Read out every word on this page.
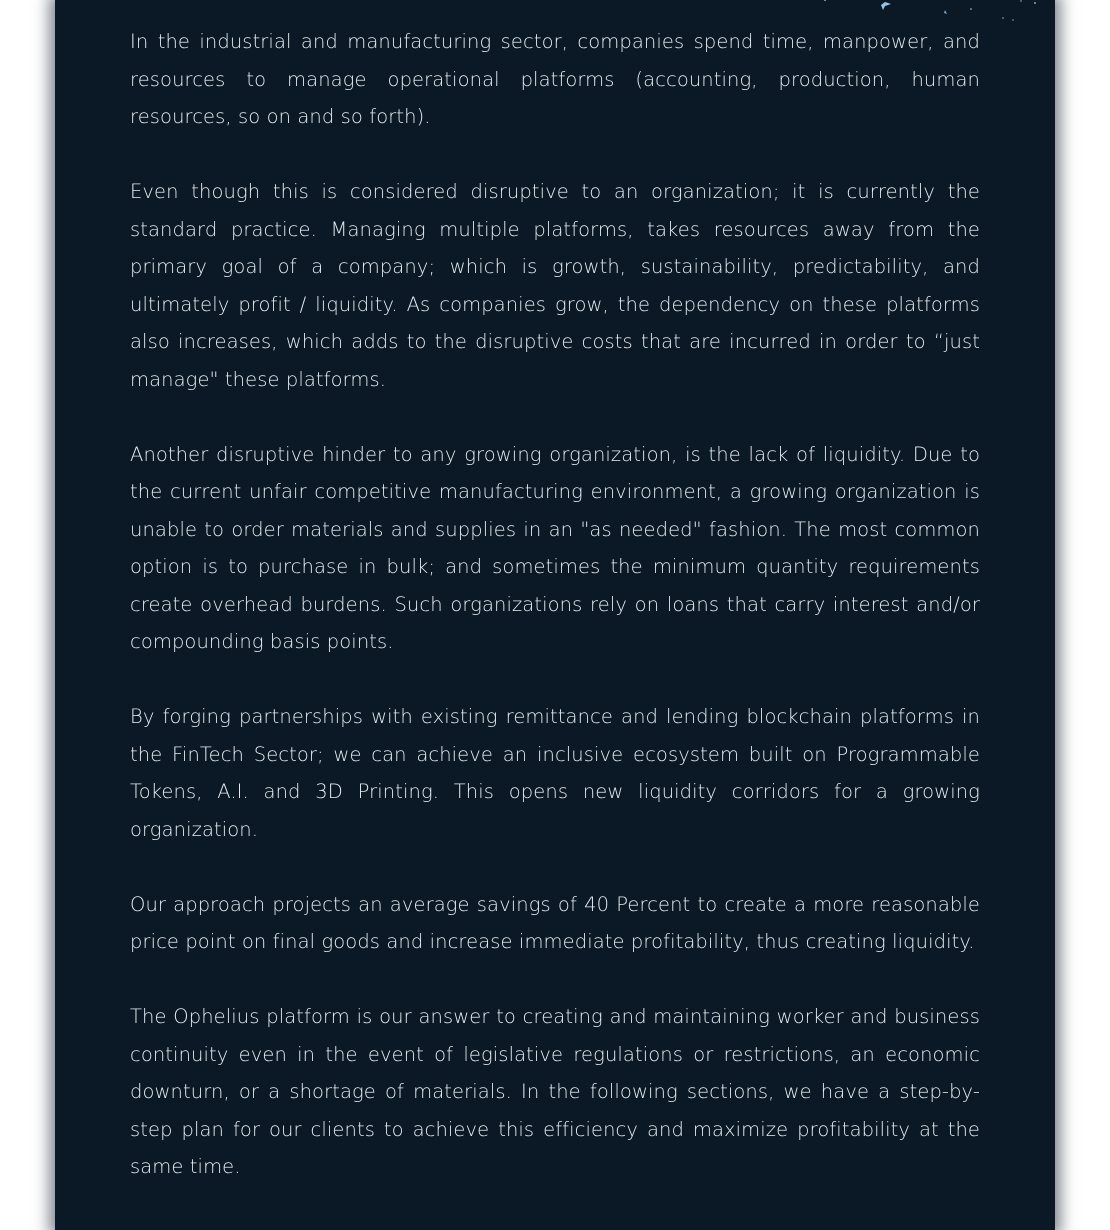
In the industrial and manufacturing sector, companies spend time, manpower, and resources to manage operational platforms (accounting, production, human resources, so on and so forth).

Even though this is considered disruptive to an organization; it is currently the standard practice. Managing multiple platforms, takes resources away from the primary goal of a company; which is growth, sustainability, predictability, and ultimately profit / liquidity. As companies grow, the dependency on these platforms also increases, which adds to the disruptive costs that are incurred in order to “just manage" these platforms.

Another disruptive hinder to any growing organization, is the lack of liquidity. Due to the current unfair competitive manufacturing environment, a growing organization is unable to order materials and supplies in an "as needed" fashion. The most common option is to purchase in bulk; and sometimes the minimum quantity requirements create overhead burdens. Such organizations rely on loans that carry interest and/or compounding basis points.

By forging partnerships with existing remittance and lending blockchain platforms in the FinTech Sector; we can achieve an inclusive ecosystem built on Programmable Tokens, A.I. and 3D Printing. This opens new liquidity corridors for a growing organization.

Our approach projects an average savings of 40 Percent to create a more reasonable price point on final goods and increase immediate profitability, thus creating liquidity.

The Ophelius platform is our answer to creating and maintaining worker and business continuity even in the event of legislative regulations or restrictions, an economic downturn, or a shortage of materials. In the following sections, we have a step-by-step plan for our clients to achieve this efficiency and maximize profitability at the same time.
